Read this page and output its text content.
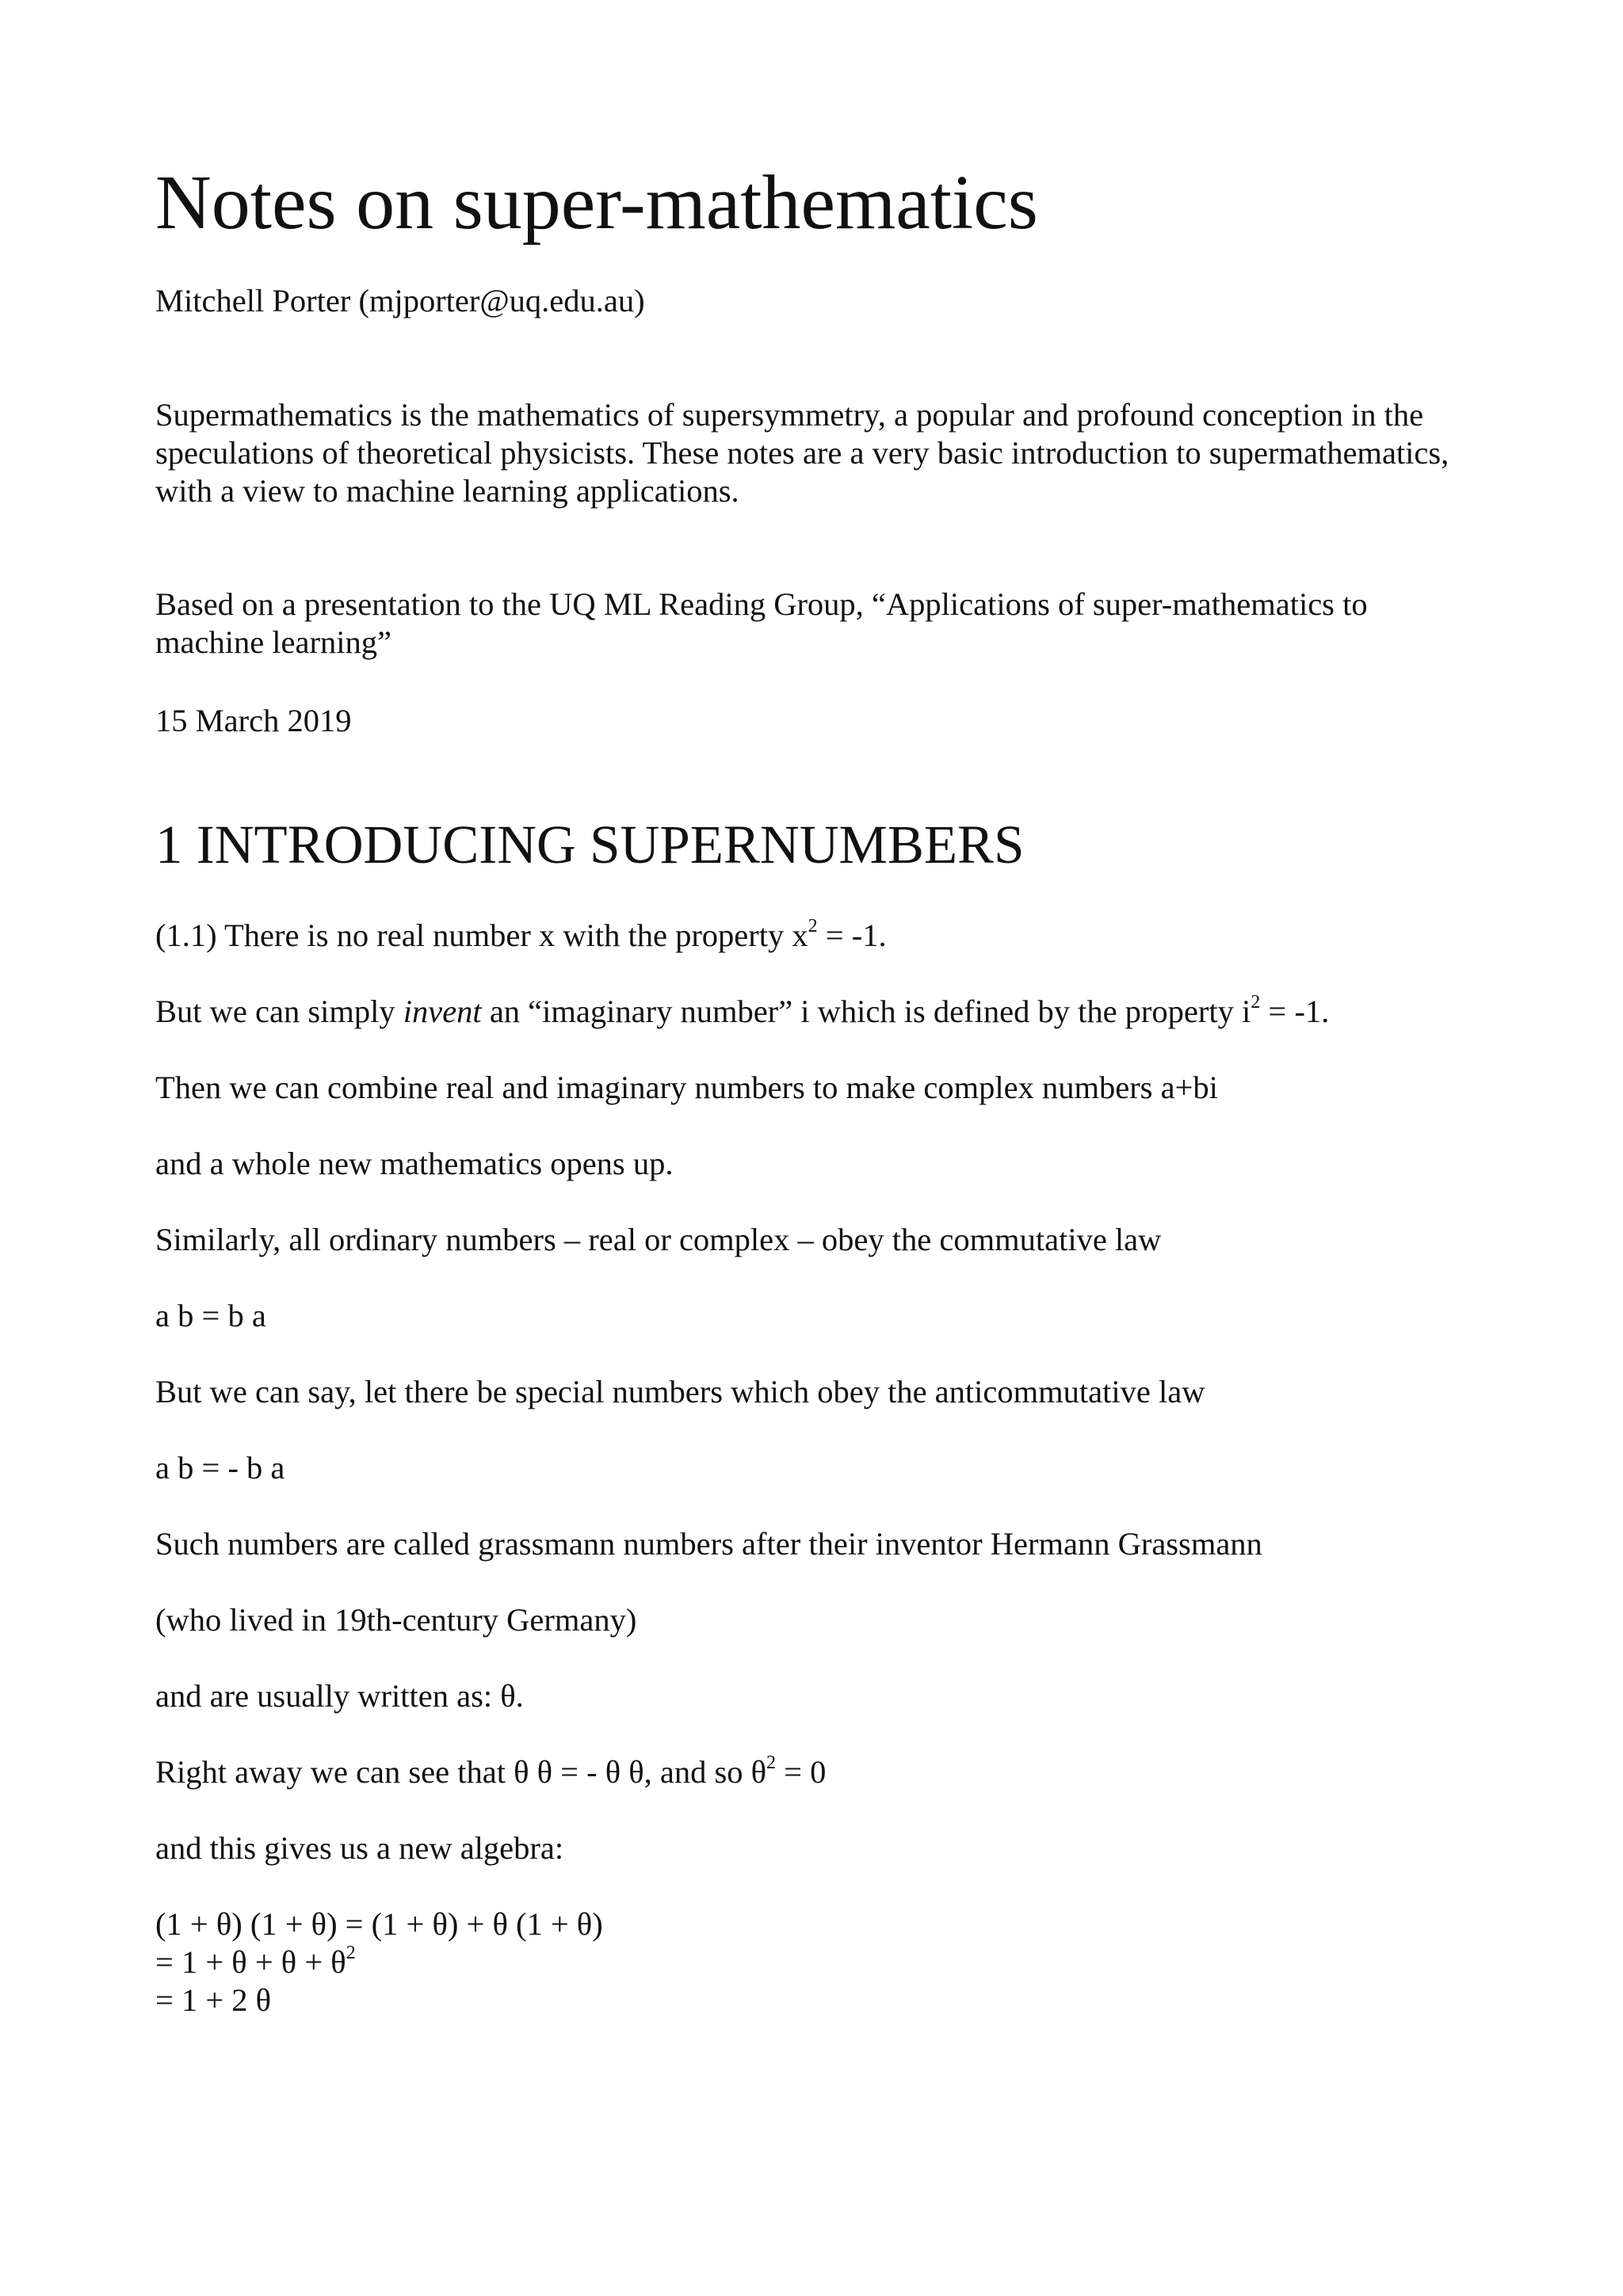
Notes on super-mathematics

Mitchell Porter (mjporter@uq.edu.au)

Supermathematics is the mathematics of supersymmetry, a popular and profound conception in the speculations of theoretical physicists. These notes are a very basic introduction to supermathematics, with a view to machine learning applications.

Based on a presentation to the UQ ML Reading Group, “Applications of super-mathematics to machine learning”

15 March 2019

1 INTRODUCING SUPERNUMBERS

(1.1) There is no real number x with the property $x^2 = -1$.

But we can simply invent an “imaginary number” i which is defined by the property $i^2 = -1$.

Then we can combine real and imaginary numbers to make complex numbers a+bi

and a whole new mathematics opens up.

Similarly, all ordinary numbers – real or complex – obey the commutative law

a b = b a

But we can say, let there be special numbers which obey the anticommutative law

a b = - b a

Such numbers are called grassmann numbers after their inventor Hermann Grassmann

(who lived in 19th-century Germany)

and are usually written as: θ.

Right away we can see that θ θ = - θ θ, and so $\theta^2 = 0$

and this gives us a new algebra:

(1 + θ) (1 + θ) = (1 + θ) + θ (1 + θ)

= $1 + \theta + \theta + \theta^2$

= 1 + 2 θ
